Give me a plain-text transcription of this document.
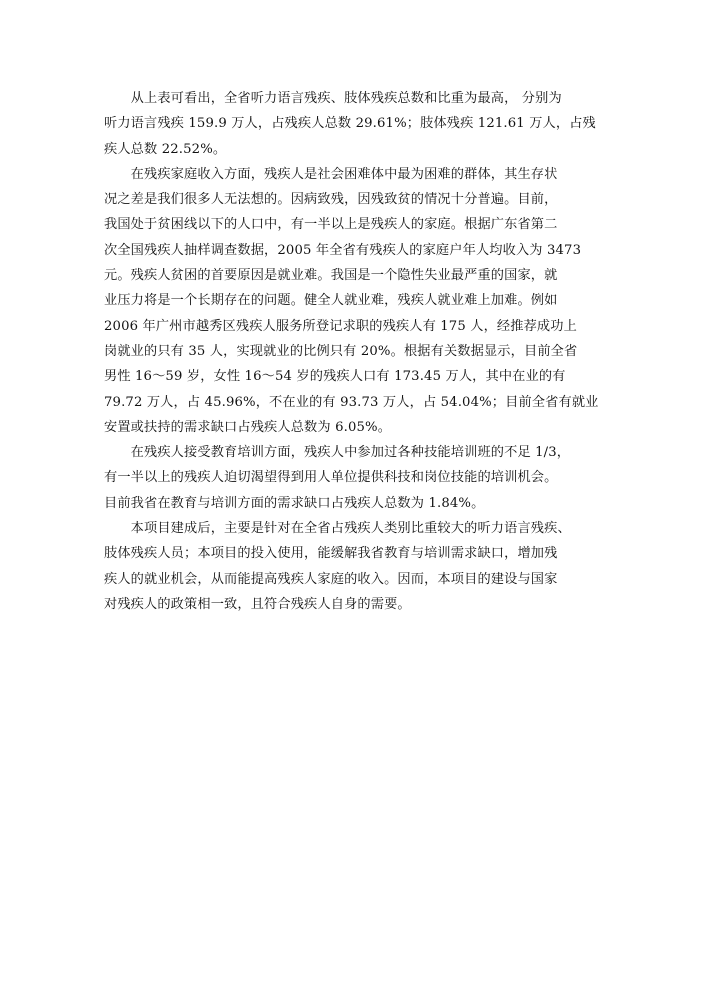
　　从上表可看出，全省听力语言残疾、肢体残疾总数和比重为最高， 分别为
听力语言残疾 159.9 万人，占残疾人总数 29.61%；肢体残疾 121.61 万人，占残
疾人总数 22.52%。
　　在残疾家庭收入方面，残疾人是社会困难体中最为困难的群体，其生存状
况之差是我们很多人无法想的。因病致残，因残致贫的情况十分普遍。目前，
我国处于贫困线以下的人口中，有一半以上是残疾人的家庭。根据广东省第二
次全国残疾人抽样调查数据，2005 年全省有残疾人的家庭户年人均收入为 3473
元。残疾人贫困的首要原因是就业难。我国是一个隐性失业最严重的国家，就
业压力将是一个长期存在的问题。健全人就业难，残疾人就业难上加难。例如
2006 年广州市越秀区残疾人服务所登记求职的残疾人有 175 人，经推荐成功上
岗就业的只有 35 人，实现就业的比例只有 20%。根据有关数据显示，目前全省
男性 16～59 岁，女性 16～54 岁的残疾人口有 173.45 万人，其中在业的有
79.72 万人，占 45.96%，不在业的有 93.73 万人，占 54.04%；目前全省有就业
安置或扶持的需求缺口占残疾人总数为 6.05%。
　　在残疾人接受教育培训方面，残疾人中参加过各种技能培训班的不足 1/3，
有一半以上的残疾人迫切渴望得到用人单位提供科技和岗位技能的培训机会。
目前我省在教育与培训方面的需求缺口占残疾人总数为 1.84%。
　　本项目建成后，主要是针对在全省占残疾人类别比重较大的听力语言残疾、
肢体残疾人员；本项目的投入使用，能缓解我省教育与培训需求缺口，增加残
疾人的就业机会，从而能提高残疾人家庭的收入。因而，本项目的建设与国家
对残疾人的政策相一致，且符合残疾人自身的需要。
